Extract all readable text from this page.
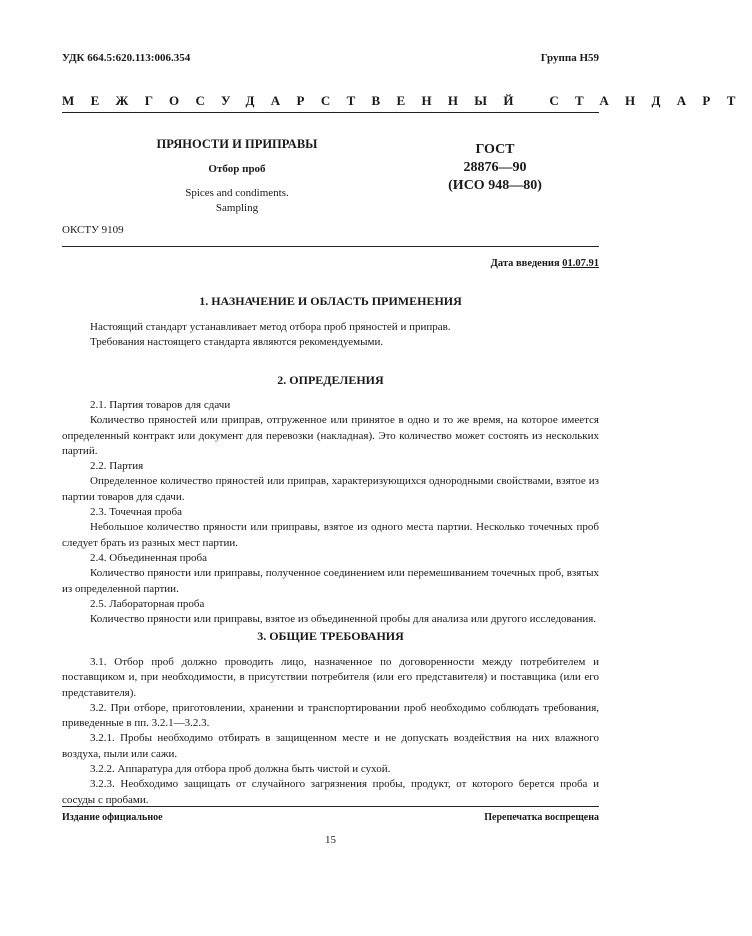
УДК 664.5:620.113:006.354	Группа Н59
МЕЖГОСУДАРСТВЕННЫЙ СТАНДАРТ
ПРЯНОСТИ И ПРИПРАВЫ
Отбор проб
Spices and condiments.
Sampling
ГОСТ
28876—90
(ИСО 948—80)
ОКСТУ 9109
Дата введения 01.07.91
1. НАЗНАЧЕНИЕ И ОБЛАСТЬ ПРИМЕНЕНИЯ

Настоящий стандарт устанавливает метод отбора проб пряностей и приправ.

Требования настоящего стандарта являются рекомендуемыми.

2. ОПРЕДЕЛЕНИЯ

2.1. Партия товаров для сдачи

Количество пряностей или приправ, отгруженное или принятое в одно и то же время, на которое имеется определенный контракт или документ для перевозки (накладная). Это количество может состоять из нескольких партий.

2.2. Партия

Определенное количество пряностей или приправ, характеризующихся однородными свойствами, взятое из партии товаров для сдачи.

2.3. Точечная проба

Небольшое количество пряности или приправы, взятое из одного места партии. Несколько точечных проб следует брать из разных мест партии.

2.4. Объединенная проба

Количество пряности или приправы, полученное соединением или перемешиванием точечных проб, взятых из определенной партии.

2.5. Лабораторная проба

Количество пряности или приправы, взятое из объединенной пробы для анализа или другого исследования.

3. ОБЩИЕ ТРЕБОВАНИЯ

3.1. Отбор проб должно проводить лицо, назначенное по договоренности между потребителем и поставщиком и, при необходимости, в присутствии потребителя (или его представителя) и поставщика (или его представителя).

3.2. При отборе, приготовлении, хранении и транспортировании проб необходимо соблюдать требования, приведенные в пп. 3.2.1—3.2.3.

3.2.1. Пробы необходимо отбирать в защищенном месте и не допускать воздействия на них влажного воздуха, пыли или сажи.

3.2.2. Аппаратура для отбора проб должна быть чистой и сухой.

3.2.3. Необходимо защищать от случайного загрязнения пробы, продукт, от которого берется проба и сосуды с пробами.

Издание официальное	Перепечатка воспрещена
15
